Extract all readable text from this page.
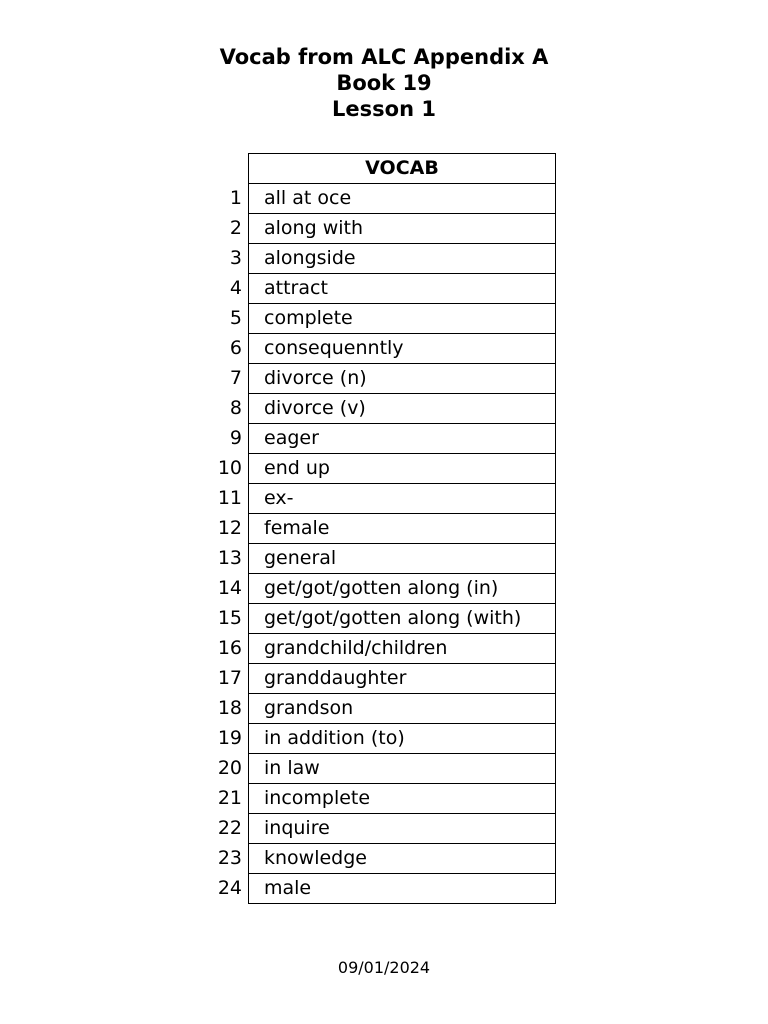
Vocab from ALC Appendix A
Book 19
Lesson 1
	VOCAB
1	all at oce
2	along with
3	alongside
4	attract
5	complete
6	consequenntly
7	divorce (n)
8	divorce (v)
9	eager
10	end up
11	ex-
12	female
13	general
14	get/got/gotten along (in)
15	get/got/gotten along (with)
16	grandchild/children
17	granddaughter
18	grandson
19	in addition (to)
20	in law
21	incomplete
22	inquire
23	knowledge
24	male
09/01/2024
